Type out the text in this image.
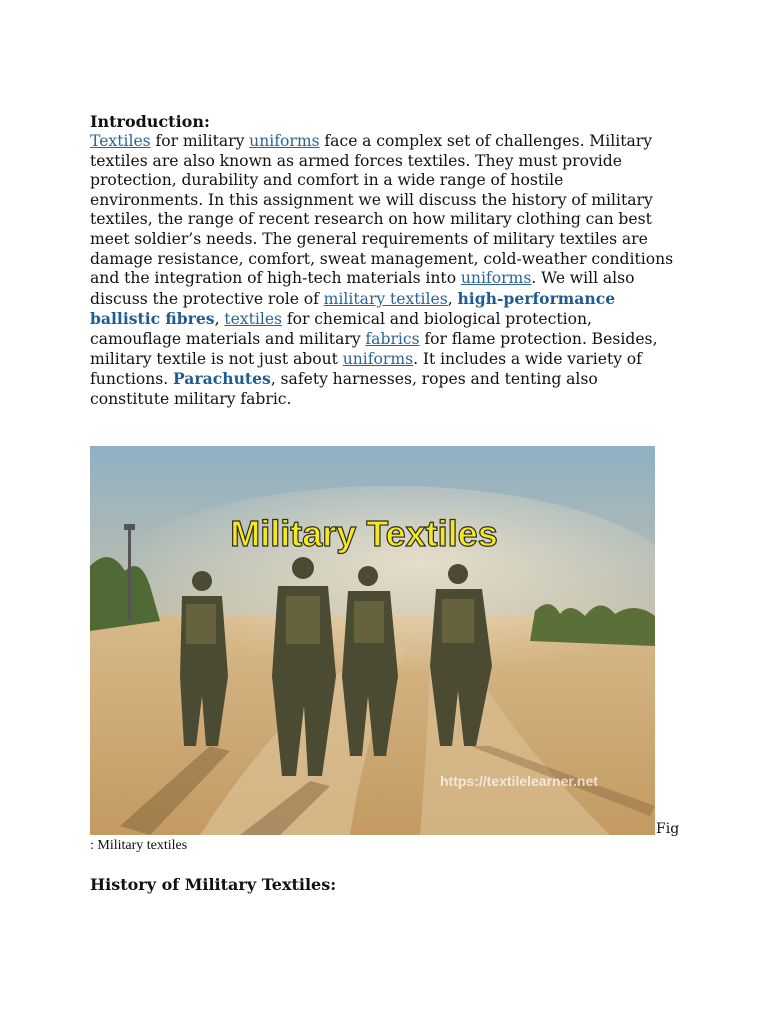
Introduction:

Textiles for military uniforms face a complex set of challenges. Military textiles are also known as armed forces textiles. They must provide protection, durability and comfort in a wide range of hostile environments. In this assignment we will discuss the history of military textiles, the range of recent research on how military clothing can best meet soldier’s needs. The general requirements of military textiles are damage resistance, comfort, sweat management, cold-weather conditions and the integration of high-tech materials into uniforms. We will also discuss the protective role of military textiles, high-performance ballistic fibres, textiles for chemical and biological protection, camouflage materials and military fabrics for flame protection. Besides, military textile is not just about uniforms. It includes a wide variety of functions. Parachutes, safety harnesses, ropes and tenting also constitute military fabric.

Military Textiles
https://textilelearner.net
Fig
: Military textiles
History of Military Textiles:
